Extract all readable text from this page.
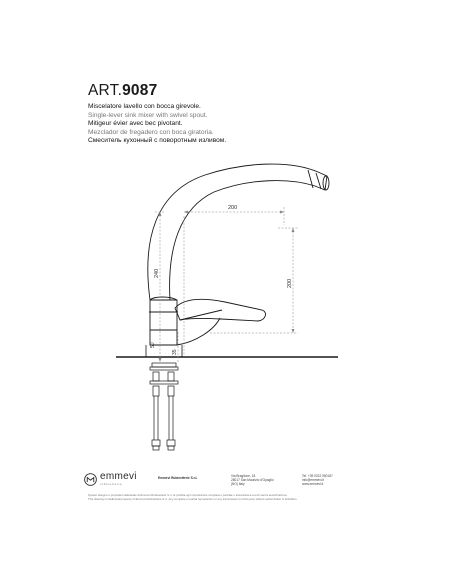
ART.9087
Miscelatore lavello con bocca girevole.
Single-lever sink mixer with swivel spout.
Mitigeur évier avec bec pivotant.
Mezclador de fregadero con boca giratoria.
Смеситель кухонный с поворотным изливом.
200
200
240
50
35
emmevi
rubinetterie
Emmevi Rubinetterie S.r.L	Via Braglione, 18
28017 San Maurizio d'Opaglio
(NO) Italy
Tel. +39 0322 950187
info@emmevi.it
www.emmevi.it
Questo disegno è proprietà intellettuale di Emmevi Rubinetterie S.r.l. È proibita ogni riproduzione completa o parziale o trasmissione a terzi senza autorizzazione.
This drawing is intellectual property of Emmevi Rubinetterie S.r.l. Any complete or partial reproduction or any transmission to third party without authorization is forbidden.
